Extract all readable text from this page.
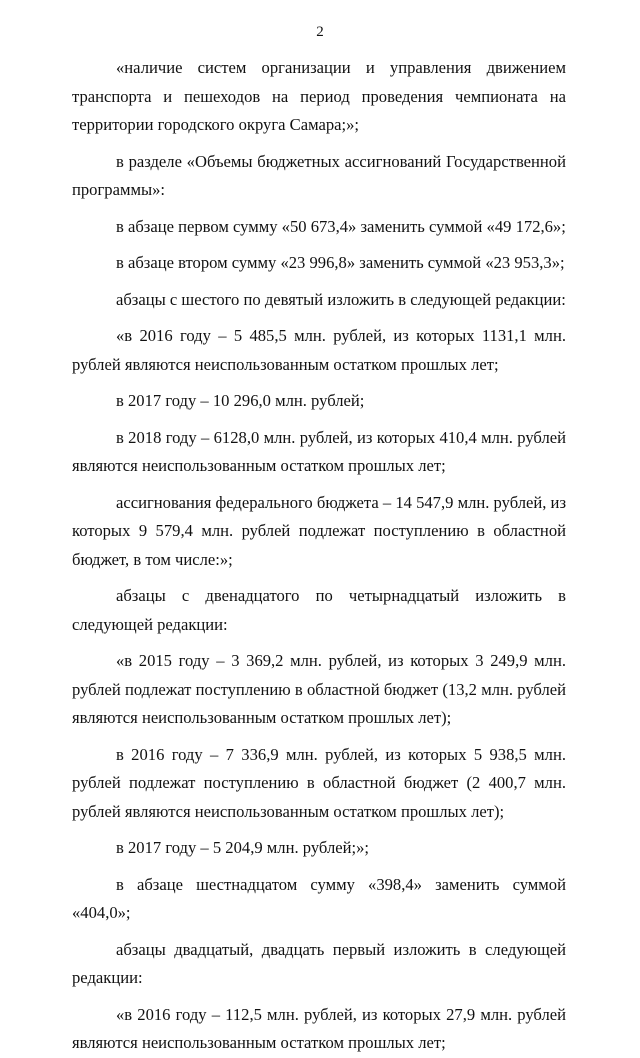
2

«наличие систем организации и управления движением транспорта и пешеходов на период проведения чемпионата на территории городского округа Самара;»;

в разделе «Объемы бюджетных ассигнований Государственной программы»:

в абзаце первом сумму «50 673,4» заменить суммой «49 172,6»;

в абзаце втором сумму «23 996,8» заменить суммой «23 953,3»;

абзацы с шестого по девятый изложить в следующей редакции:

«в 2016 году – 5 485,5 млн. рублей, из которых 1131,1 млн. рублей являются неиспользованным остатком прошлых лет;

в 2017 году – 10 296,0 млн. рублей;

в 2018 году – 6128,0 млн. рублей, из которых 410,4 млн. рублей являются неиспользованным остатком прошлых лет;

ассигнования федерального бюджета – 14 547,9 млн. рублей, из которых 9 579,4 млн. рублей подлежат поступлению в областной бюджет, в том числе:»;

абзацы с двенадцатого по четырнадцатый изложить в следующей редакции:

«в 2015 году – 3 369,2 млн. рублей, из которых 3 249,9 млн. рублей подлежат поступлению в областной бюджет (13,2 млн. рублей являются неиспользованным остатком прошлых лет);

в 2016 году – 7 336,9 млн. рублей, из которых 5 938,5 млн. рублей подлежат поступлению в областной бюджет (2 400,7 млн. рублей являются неиспользованным остатком прошлых лет);

в 2017 году – 5 204,9 млн. рублей;»;

в абзаце шестнадцатом сумму «398,4» заменить суммой «404,0»;

абзацы двадцатый, двадцать первый изложить в следующей редакции:

«в 2016 году – 112,5 млн. рублей, из которых 27,9 млн. рублей являются неиспользованным остатком прошлых лет;
